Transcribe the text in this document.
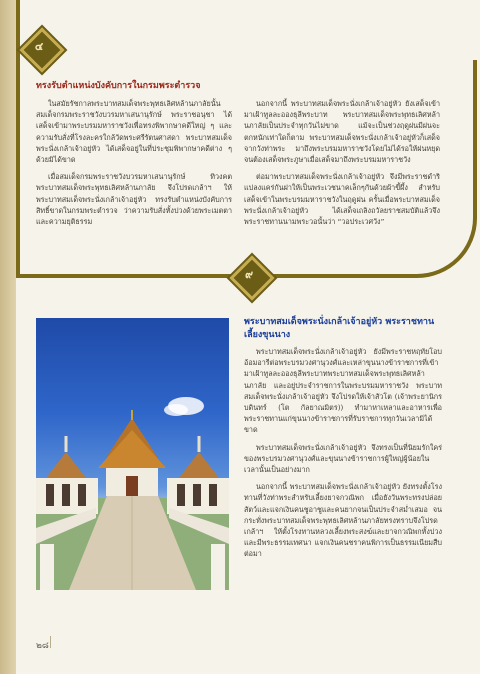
๔
๙
ทรงรับตำแหน่งบังคับการในกรมพระตำรวจ

ในสมัยรัชกาลพระบาทสมเด็จพระพุทธเลิศหล้านภาลัยนั้น สมเด็จกรมพระราชวังบวรมหาเสนานุรักษ์ พระราชอนุชา ได้เสด็จเข้ามาพระบรมมหาราชวังเพื่อทรงพิพากษาคดีใหญ่ ๆ และความรับสั่งที่โรงละครใกล้วัดพระศรีรัตนศาสดา พระบาทสมเด็จพระนั่งเกล้าเจ้าอยู่หัว ได้เสด็จอยู่ในที่ประชุมพิพากษาคดีต่าง ๆ ด้วยมิได้ขาด

เมื่อสมเด็จกรมพระราชวังบวรมหาเสนานุรักษ์ ทิวงคต พระบาทสมเด็จพระพุทธเลิศหล้านภาลัย จึงโปรดเกล้าฯ ให้พระบาทสมเด็จพระนั่งเกล้าเจ้าอยู่หัว ทรงรับตำแหน่งบังคับการสิทธิ์ขาดในกรมพระตำรวจ ว่าความรับสั่งทั้งปวงด้วยพระเมตตาและความยุติธรรม

นอกจากนี้ พระบาทสมเด็จพระนั่งเกล้าเจ้าอยู่หัว ยังเสด็จเข้ามาเฝ้าทูลละอองธุลีพระบาท พระบาทสมเด็จพระพุทธเลิศหล้านภาลัยเป็นประจำทุกวันไม่ขาด แม้จะเป็นช่วงฤดูฝนมีฝนจะตกหนักเท่าใดก็ตาม พระบาทสมเด็จพระนั่งเกล้าเจ้าอยู่หัวก็เสด็จจากวังท่าพระ มาถึงพระบรมมหาราชวังโดยไม่ได้รอให้ฝนหยุด จนต้องเสด็จพระภูษาเมื่อเสด็จมาถึงพระบรมมหาราชวัง

ต่อมาพระบาทสมเด็จพระนั่งเกล้าเจ้าอยู่หัว จึงมีพระราชดำริแปลงแคร่กันฝาให้เป็นพระเวชนาคเล็กๆกันด้วยผ้าขี้ผึ้ง สำหรับเสด็จเข้าในพระบรมมหาราชวังในฤดูฝน ครั้นเมื่อพระบาทสมเด็จพระนั่งเกล้าเจ้าอยู่หัว ได้เสด็จเถลิงถวัลยราชสมบัติแล้วจึงพระราชทานนามพระวอนั้นว่า “วอประเวศวัง”

พระบาทสมเด็จพระนั่งเกล้าเจ้าอยู่หัว พระราชทาน
เลี้ยงขุนนาง

พระบาทสมเด็จพระนั่งเกล้าเจ้าอยู่หัว ยังมีพระราชหฤทัยโอบอ้อมอารีต่อพระบรมวงศานุวงศ์และเหล่าขุนนางข้าราชการที่เข้ามาเฝ้าทูลละอองธุลีพระบาทพระบาทสมเด็จพระพุทธเลิศหล้านภาลัย และอยู่ประจำราชการในพระบรมมหาราชวัง พระบาทสมเด็จพระนั่งเกล้าเจ้าอยู่หัว จึงโปรดให้เจ้าสัวโต (เจ้าพระยานิกรบดินทร์ (โต กัลยาณมิตร)) ทำมาหาเหลาและอาหารเพื่อพระราชทานแก่ขุนนางข้าราชการที่รับราชการทุกวันเวลามิได้ขาด

พระบาทสมเด็จพระนั่งเกล้าเจ้าอยู่หัว จึงทรงเป็นที่นิยมรักใคร่ของพระบรมวงศานุวงศ์และขุนนางข้าราชการผู้ใหญ่ผู้น้อยในเวลานั้นเป็นอย่างมาก

นอกจากนี้ พระบาทสมเด็จพระนั่งเกล้าเจ้าอยู่หัว ยังทรงตั้งโรงทานที่วังท่าพระสำหรับเลี้ยงยาจกวณิพก เมื่อยังวันพระทรงปล่อยสัตว์และแจกเงินคนชูอาชูและคนยากจนเป็นประจำสม่ำเสมอ จนกระทั่งพระบาทสมเด็จพระพุทธเลิศหล้านภาลัยทรงทราบจึงโปรดเกล้าฯ ให้ตั้งโรงทานหลวงเลี้ยงพระสงฆ์และยาจกวณิพกทั้งปวง และมีพระธรรมเทศนา แจกเงินคนชราคนพิการเป็นธรรมเนียมสืบต่อมา

๒๘
